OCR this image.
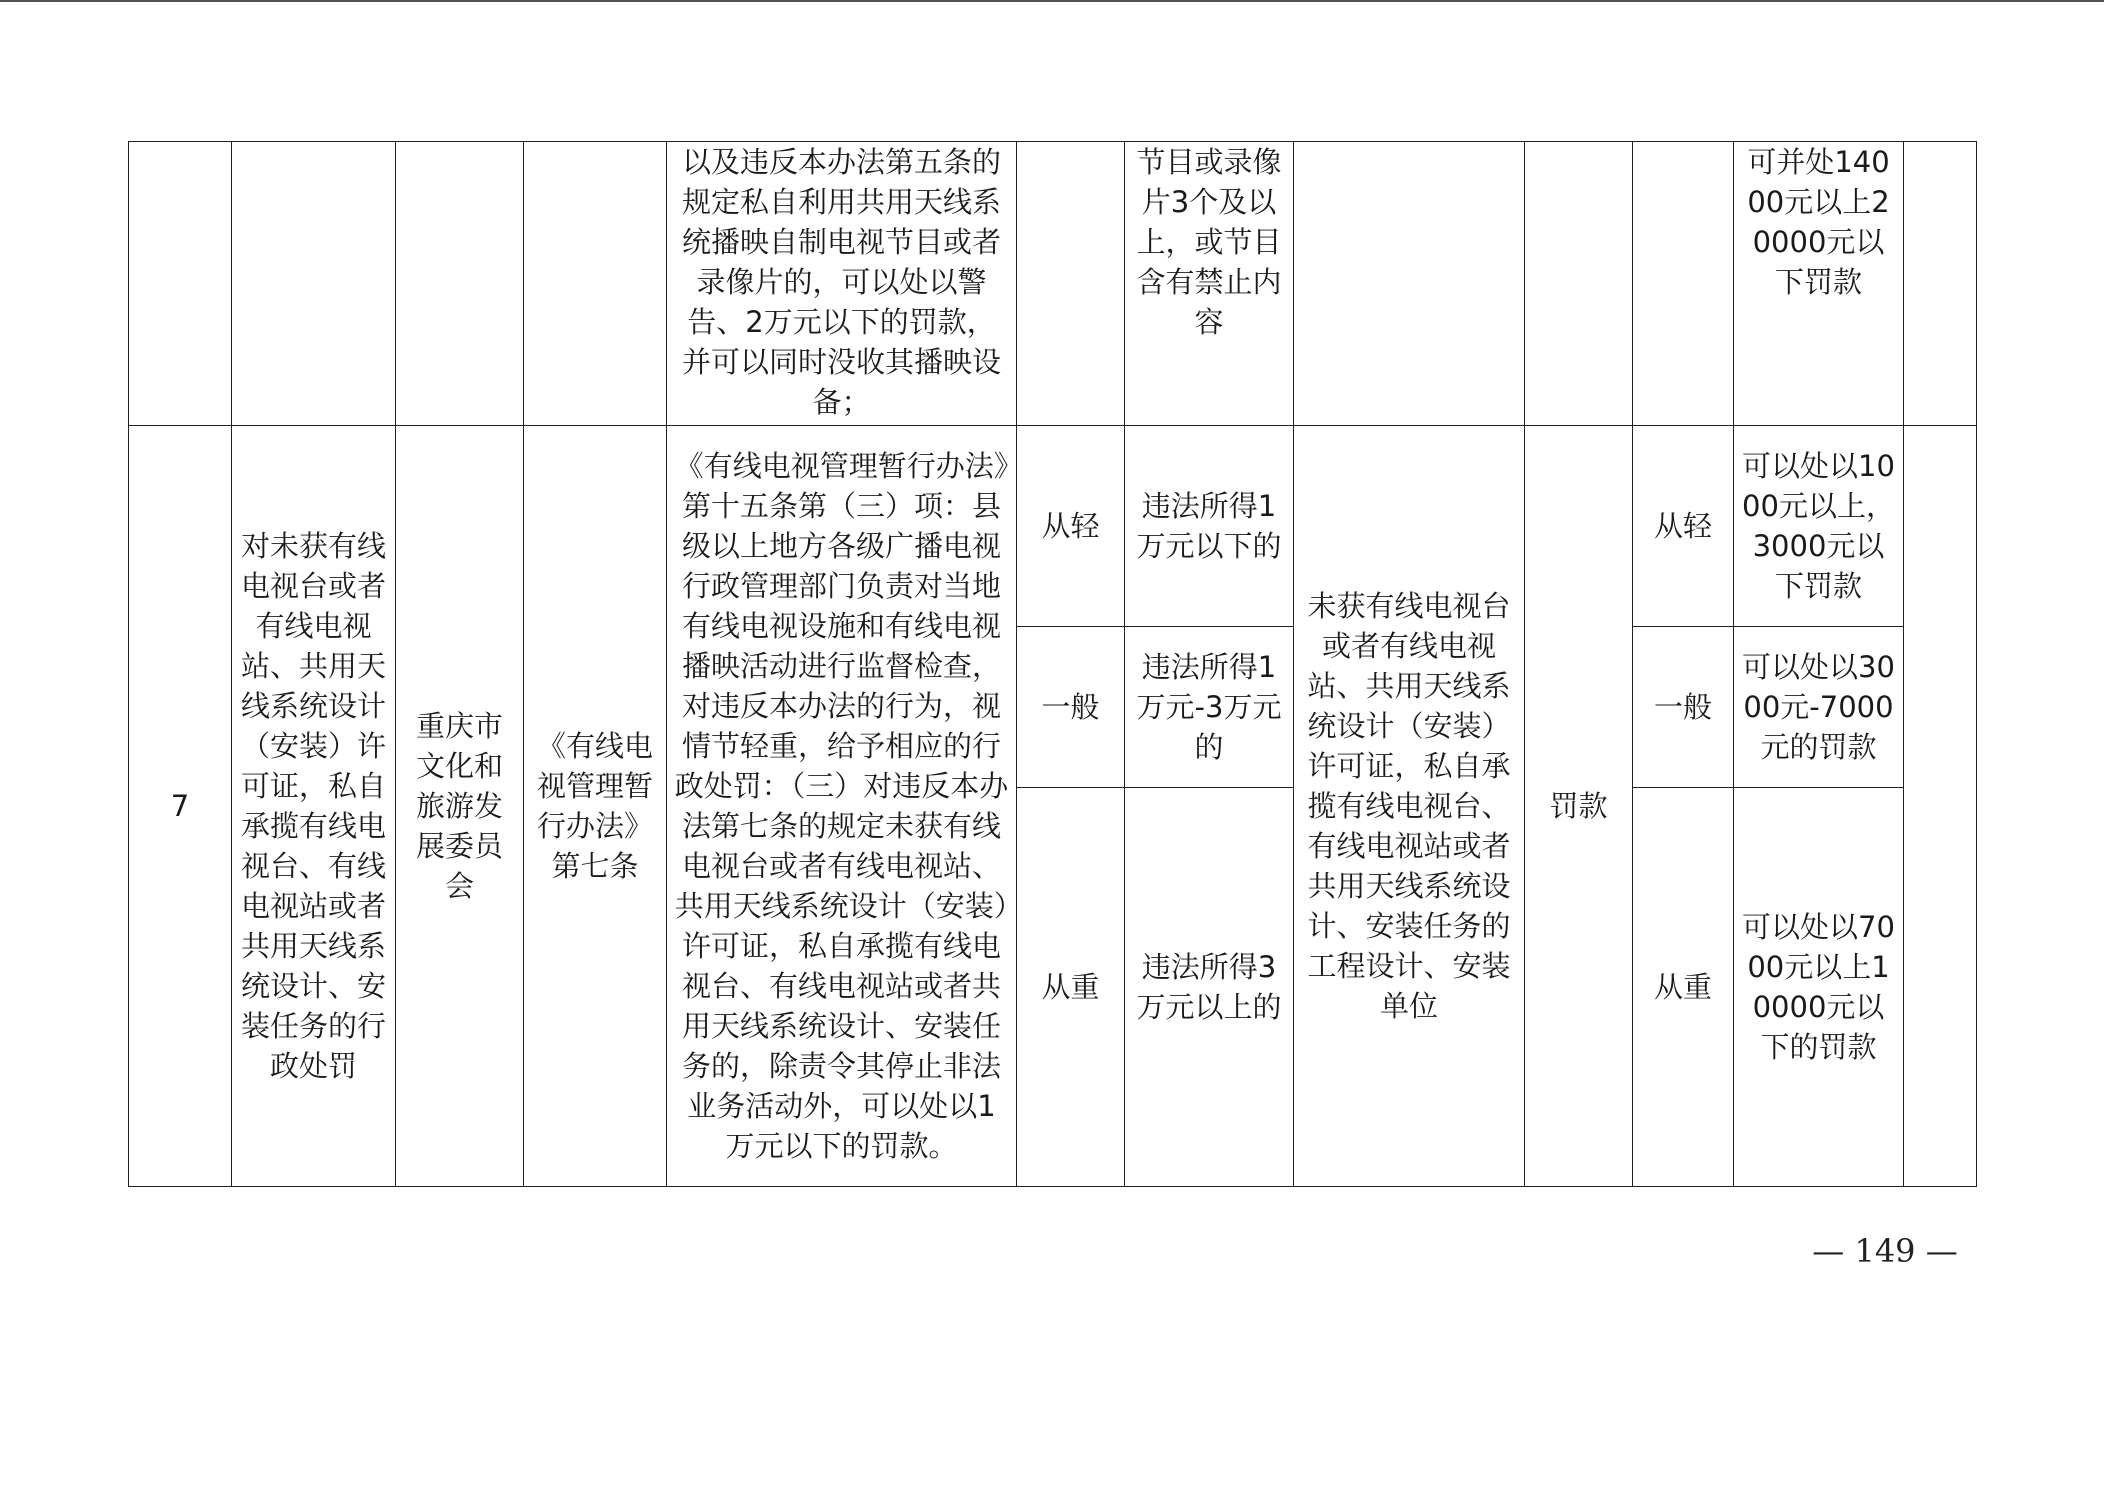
				以及违反本办法第五条的规定私自利用共用天线系统播映自制电视节目或者录像片的，可以处以警告、2万元以下的罚款，并可以同时没收其播映设备；		节目或录像片3个及以上，或节目含有禁止内容				可并处14000元以上20000元以下罚款	

7	对未获有线电视台或者有线电视站、共用天线系统设计（安装）许可证，私自承揽有线电视台、有线电视站或者共用天线系统设计、安装任务的行政处罚	重庆市文化和旅游发展委员会	《有线电视管理暂行办法》第七条	《有线电视管理暂行办法》第十五条第（三）项：县级以上地方各级广播电视行政管理部门负责对当地有线电视设施和有线电视播映活动进行监督检查，对违反本办法的行为，视情节轻重，给予相应的行政处罚：（三）对违反本办法第七条的规定未获有线电视台或者有线电视站、共用天线系统设计（安装）许可证，私自承揽有线电视台、有线电视站或者共用天线系统设计、安装任务的，除责令其停止非法业务活动外，可以处以1万元以下的罚款。	从轻	违法所得1万元以下的	未获有线电视台或者有线电视站、共用天线系统设计（安装）许可证，私自承揽有线电视台、有线电视站或者共用天线系统设计、安装任务的工程设计、安装单位	罚款	从轻	可以处以1000元以上，3000元以下罚款	

					一般	违法所得1万元-3万元的			一般	可以处以3000元-7000元的罚款	

					从重	违法所得3万元以上的			从重	可以处以7000元以上10000元以下的罚款	
— 149 —
